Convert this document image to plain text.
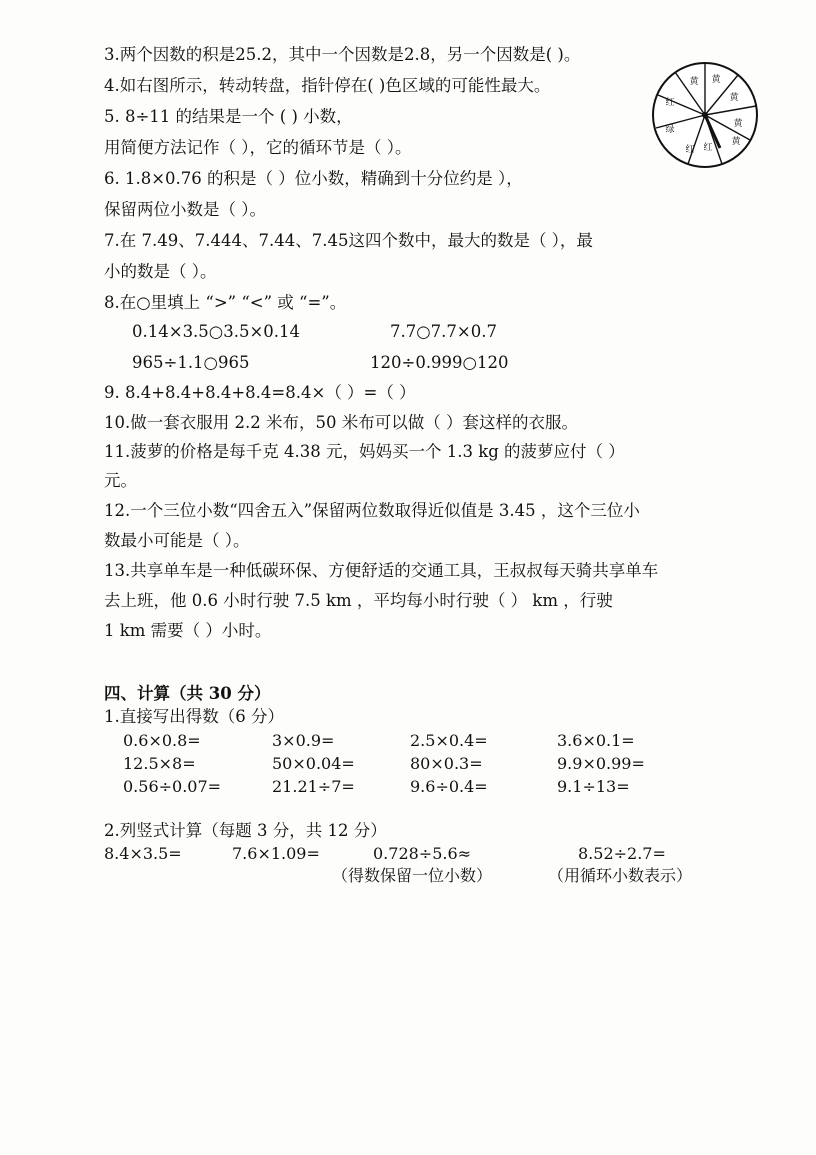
3.两个因数的积是25.2，其中一个因数是2.8，另一个因数是( )。
4.如右图所示，转动转盘，指针停在( )色区域的可能性最大。
5. 8÷11 的结果是一个 ( ) 小数，
用简便方法记作（ ），它的循环节是（ ）。
6. 1.8×0.76 的积是（ ）位小数，精确到十分位约是 ），
保留两位小数是（ ）。
7.在 7.49、7.444、7.44、7.45这四个数中，最大的数是（ ），最
小的数是（ ）。
8.在○里填上 “>” “<” 或 “=”。
0.14×3.5○3.5×0.14	7.7○7.7×0.7
965÷1.1○965	120÷0.999○120
9. 8.4+8.4+8.4+8.4=8.4×（ ）=（ ）
10.做一套衣服用 2.2 米布，50 米布可以做（ ）套这样的衣服。
11.菠萝的价格是每千克 4.38 元，妈妈买一个 1.3 kg 的菠萝应付（ ）
元。
12.一个三位小数“四舍五入”保留两位数取得近似值是 3.45 ，这个三位小
数最小可能是（ ）。
13.共享单车是一种低碳环保、方便舒适的交通工具，王叔叔每天骑共享单车
去上班，他 0.6 小时行驶 7.5 km ，平均每小时行驶（ ） km ，行驶
1 km 需要（ ）小时。
黄 黄
黄
黄
黄
红
红
红
绿
四、计算（共 30 分）
1.直接写出得数（6 分）
0.6×0.8=	3×0.9=	2.5×0.4=	3.6×0.1=
12.5×8=	50×0.04=	80×0.3=	9.9×0.99=
0.56÷0.07=	21.21÷7=	9.6÷0.4=	9.1÷13=
2.列竖式计算（每题 3 分，共 12 分）
8.4×3.5=	7.6×1.09=	0.728÷5.6≈	8.52÷2.7=
（得数保留一位小数）	（用循环小数表示）
